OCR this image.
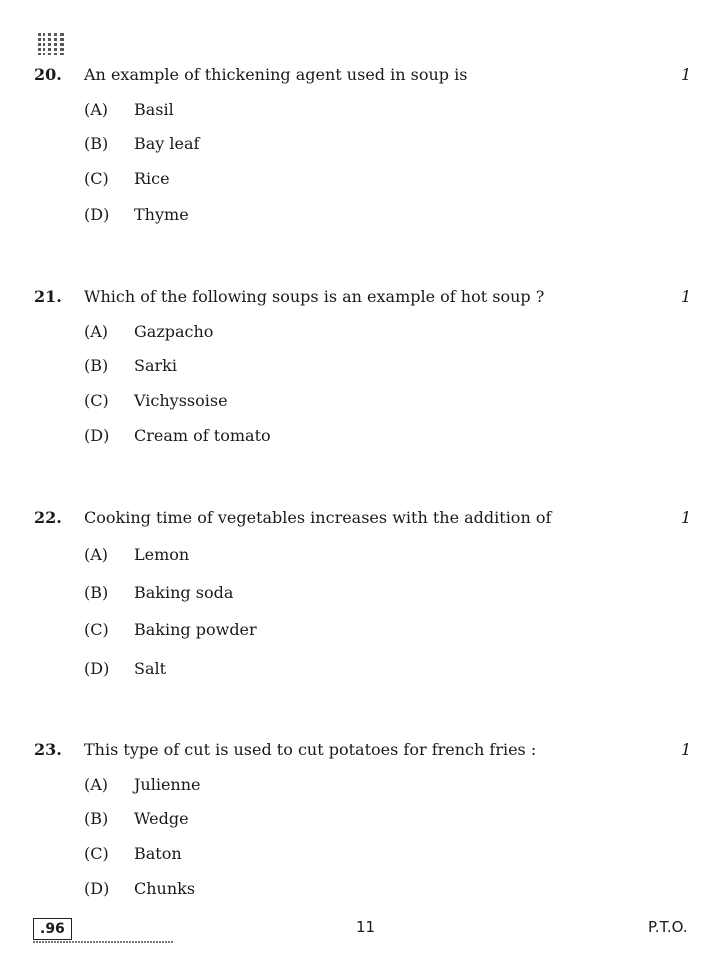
20. An example of thickening agent used in soup is	1
(A)	Basil
(B)	Bay leaf
(C)	Rice
(D)	Thyme
21. Which of the following soups is an example of hot soup ?	1
(A)	Gazpacho
(B)	Sarki
(C)	Vichyssoise
(D)	Cream of tomato
22. Cooking time of vegetables increases with the addition of	1
(A)	Lemon
(B)	Baking soda
(C)	Baking powder
(D)	Salt
23. This type of cut is used to cut potatoes for french fries :	1
(A)	Julienne
(B)	Wedge
(C)	Baton
(D)	Chunks
.96	11	P.T.O.
